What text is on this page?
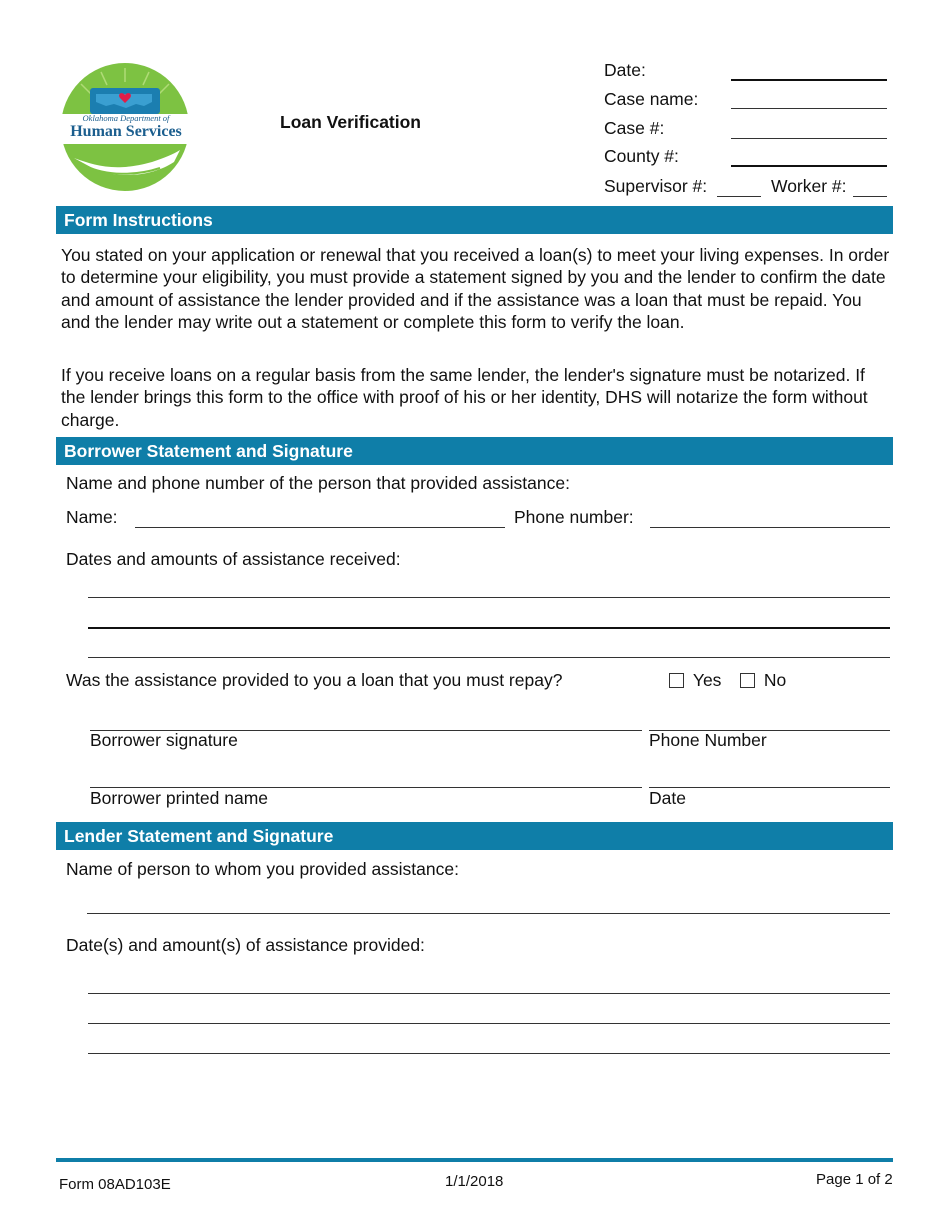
Oklahoma Department of
Human Services	Loan Verification
Date:
Case name:
Case #:
County #:
Supervisor #:	Worker #:
Form Instructions
You stated on your application or renewal that you received a loan(s) to meet your living expenses. In order to determine your eligibility, you must provide a statement signed by you and the lender to confirm the date and amount of assistance the lender provided and if the assistance was a loan that must be repaid. You and the lender may write out a statement or complete this form to verify the loan.
If you receive loans on a regular basis from the same lender, the lender's signature must be notarized. If the lender brings this form to the office with proof of his or her identity, DHS will notarize the form without charge.
Borrower Statement and Signature
Name and phone number of the person that provided assistance:
Name:	Phone number:
Dates and amounts of assistance received:
Was the assistance provided to you a loan that you must repay?	Yes	No
Borrower signature	Phone Number
Borrower printed name	Date
Lender Statement and Signature
Name of person to whom you provided assistance:
Date(s) and amount(s) of assistance provided:
Form 08AD103E	1/1/2018	Page 1 of 2
